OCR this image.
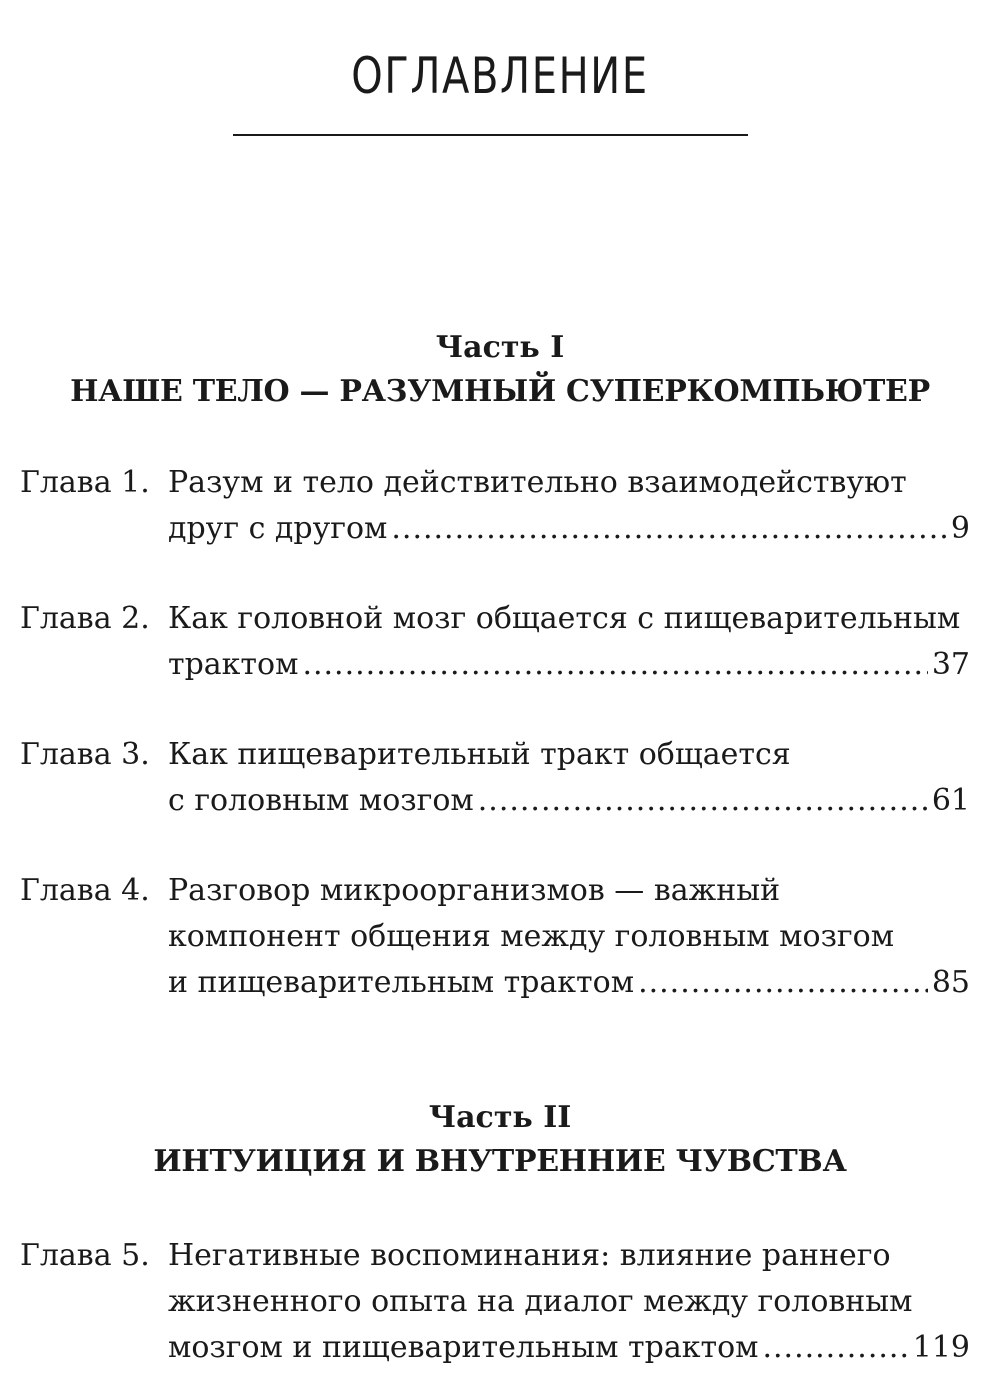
ОГЛАВЛЕНИЕ
Часть I
НАШЕ ТЕЛО — РАЗУМНЫЙ СУПЕРКОМПЬЮТЕР
Глава 1. Разум и тело действительно взаимодействуют
друг с другом .....	9
Глава 2. Как головной мозг общается с пищеварительным
трактом .....	37
Глава 3. Как пищеварительный тракт общается
с головным мозгом .....	61
Глава 4. Разговор микроорганизмов — важный
компонент общения между головным мозгом
и пищеварительным трактом .....	85
Часть II
ИНТУИЦИЯ И ВНУТРЕННИЕ ЧУВСТВА
Глава 5. Негативные воспоминания: влияние раннего
жизненного опыта на диалог между головным
мозгом и пищеварительным трактом .....	119
